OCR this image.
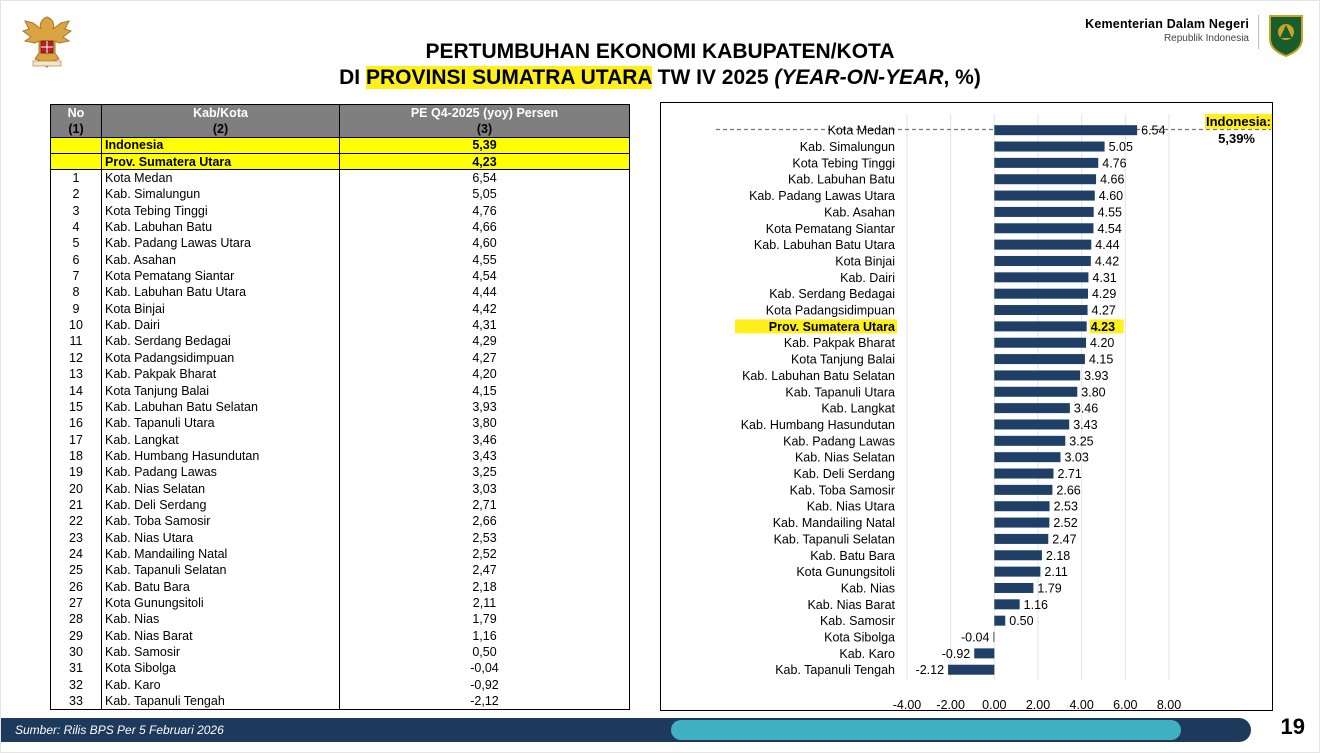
Kementerian Dalam Negeri
Republik Indonesia
PERTUMBUHAN EKONOMI KABUPATEN/KOTA
DI PROVINSI SUMATRA UTARA TW IV 2025 (YEAR-ON-YEAR, %)
No	Kab/Kota	PE Q4-2025 (yoy) Persen
(1)	(2)	(3)
	Indonesia	5,39
	Prov. Sumatera Utara	4,23
1	Kota Medan	6,54
2	Kab. Simalungun	5,05
3	Kota Tebing Tinggi	4,76
4	Kab. Labuhan Batu	4,66
5	Kab. Padang Lawas Utara	4,60
6	Kab. Asahan	4,55
7	Kota Pematang Siantar	4,54
8	Kab. Labuhan Batu Utara	4,44
9	Kota Binjai	4,42
10	Kab. Dairi	4,31
11	Kab. Serdang Bedagai	4,29
12	Kota Padangsidimpuan	4,27
13	Kab. Pakpak Bharat	4,20
14	Kota Tanjung Balai	4,15
15	Kab. Labuhan Batu Selatan	3,93
16	Kab. Tapanuli Utara	3,80
17	Kab. Langkat	3,46
18	Kab. Humbang Hasundutan	3,43
19	Kab. Padang Lawas	3,25
20	Kab. Nias Selatan	3,03
21	Kab. Deli Serdang	2,71
22	Kab. Toba Samosir	2,66
23	Kab. Nias Utara	2,53
24	Kab. Mandailing Natal	2,52
25	Kab. Tapanuli Selatan	2,47
26	Kab. Batu Bara	2,18
27	Kota Gunungsitoli	2,11
28	Kab. Nias	1,79
29	Kab. Nias Barat	1,16
30	Kab. Samosir	0,50
31	Kota Sibolga	-0,04
32	Kab. Karo	-0,92
33	Kab. Tapanuli Tengah	-2,12
Kota Medan	6.54
Kab. Simalungun	5.05
Kota Tebing Tinggi	4.76
Kab. Labuhan Batu	4.66
Kab. Padang Lawas Utara	4.60
Kab. Asahan	4.55
Kota Pematang Siantar	4.54
Kab. Labuhan Batu Utara	4.44
Kota Binjai	4.42
Kab. Dairi	4.31
Kab. Serdang Bedagai	4.29
Kota Padangsidimpuan	4.27
Prov. Sumatera Utara	4.23
Kab. Pakpak Bharat	4.20
Kota Tanjung Balai	4.15
Kab. Labuhan Batu Selatan	3.93
Kab. Tapanuli Utara	3.80
Kab. Langkat	3.46
Kab. Humbang Hasundutan	3.43
Kab. Padang Lawas	3.25
Kab. Nias Selatan	3.03
Kab. Deli Serdang	2.71
Kab. Toba Samosir	2.66
Kab. Nias Utara	2.53
Kab. Mandailing Natal	2.52
Kab. Tapanuli Selatan	2.47
Kab. Batu Bara	2.18
Kota Gunungsitoli	2.11
Kab. Nias	1.79
Kab. Nias Barat	1.16
Kab. Samosir	0.50
Kota Sibolga	-0.04
Kab. Karo	-0.92
Kab. Tapanuli Tengah -2.12
-4.00 -2.00 0.00 2.00 4.00 6.00 8.00
Indonesia:
5,39%
Sumber: Rilis BPS Per 5 Februari 2026	19
